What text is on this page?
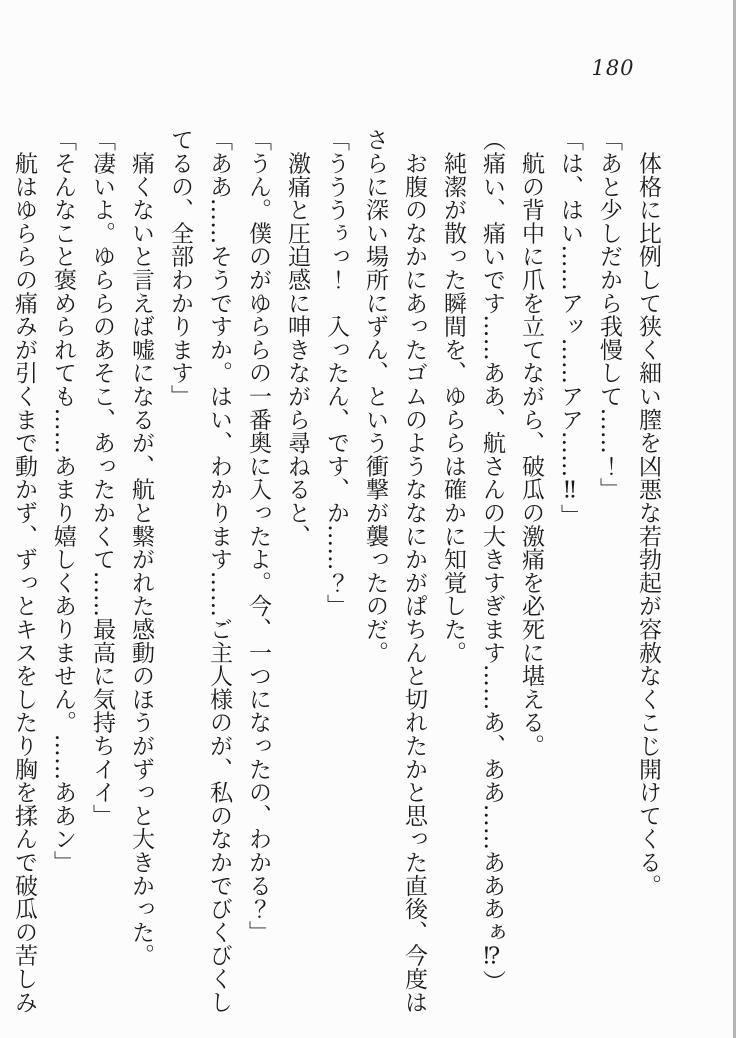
180

　体格に比例して狭く細い膣を凶悪な若勃起が容赦なくこじ開けてくる。

「あと少しだから我慢して……！」

「は、はい……アッ……アア……‼」

　航の背中に爪を立てながら、破瓜の激痛を必死に堪える。

（痛い、痛いです……ああ、航さんの大きすぎます……あ、ああ……あああぁ⁉）

　純潔が散った瞬間を、ゆららは確かに知覚した。

　お腹のなかにあったゴムのようななにかがぱちんと切れたかと思った直後、今度は

さらに深い場所にずん、という衝撃が襲ったのだ。

「うううぅっ！　入ったん、です、か……？」

　激痛と圧迫感に呻きながら尋ねると、

「うん。僕のがゆららの一番奥に入ったよ。今、一つになったの、わかる？」

「ああ……そうですか。はい、わかります……ご主人様のが、私のなかでびくびくし

てるの、全部わかります」

　痛くないと言えば嘘になるが、航と繋がれた感動のほうがずっと大きかった。

「凄いよ。ゆららのあそこ、あったかくて……最高に気持ちイイ」

「そんなこと褒められても……あまり嬉しくありません。……ああン」

　航はゆららの痛みが引くまで動かず、ずっとキスをしたり胸を揉んで破瓜の苦しみ
